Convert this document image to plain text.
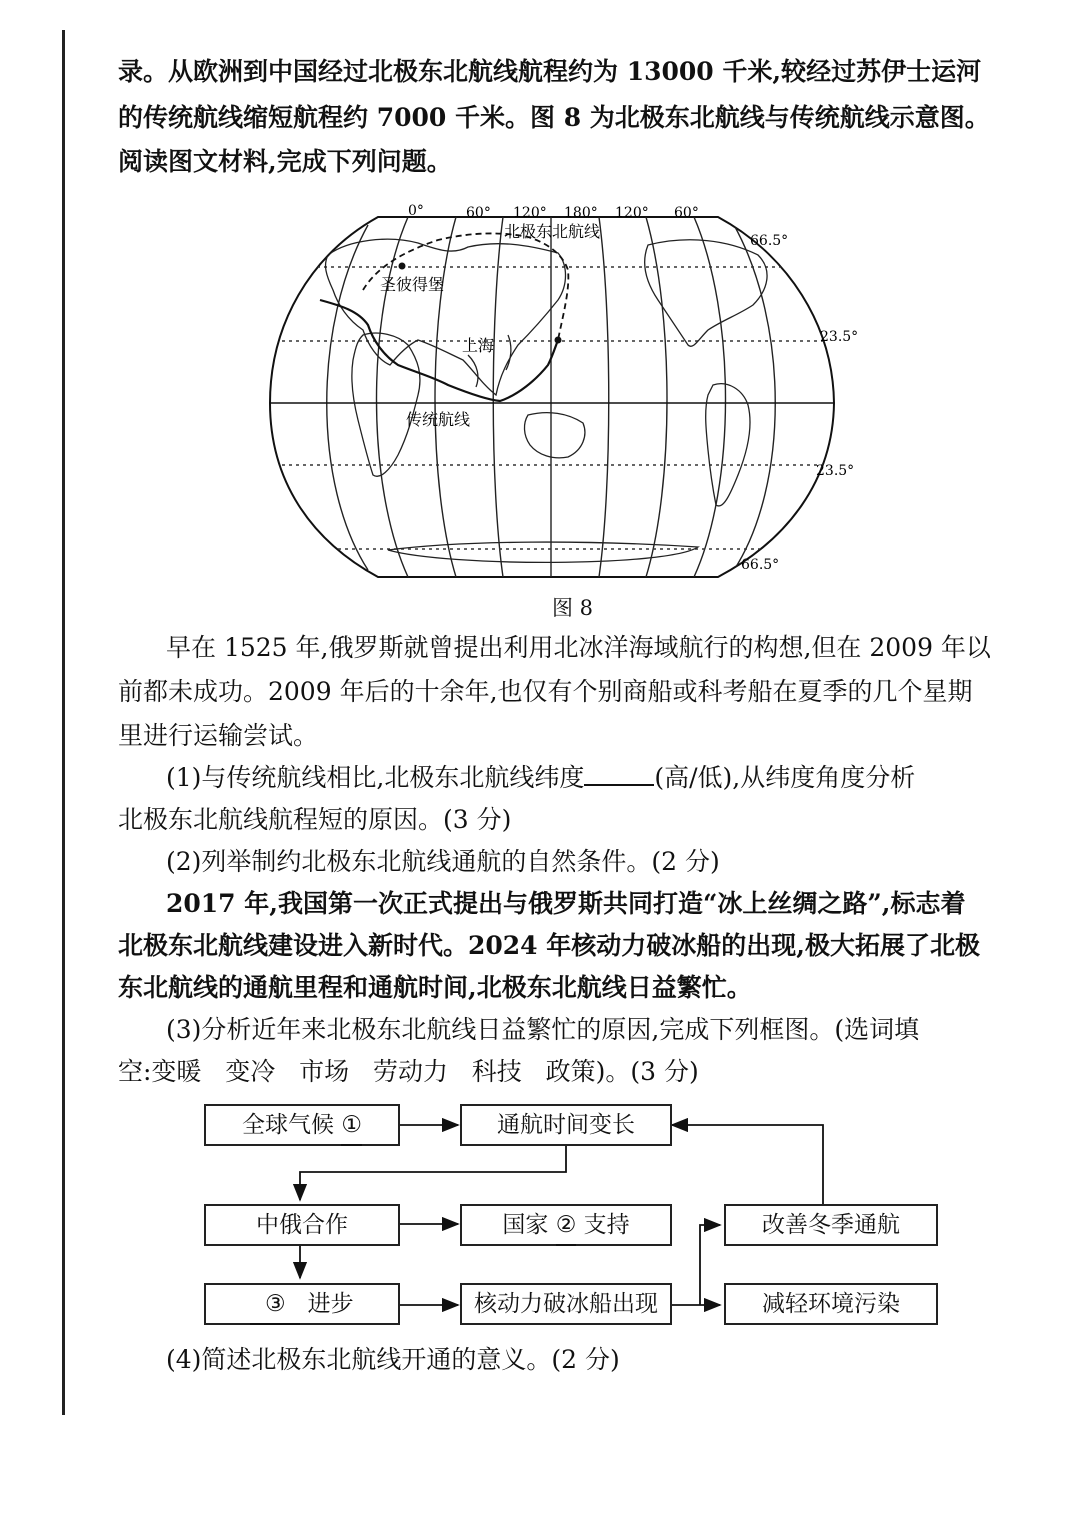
录。从欧洲到中国经过北极东北航线航程约为 13000 千米,较经过苏伊士运河
的传统航线缩短航程约 7000 千米。图 8 为北极东北航线与传统航线示意图。
阅读图文材料,完成下列问题。
0°	60° 120° 180° 120° 60°
66.5°
23.5°
23.5°
66.5°
北极东北航线
圣彼得堡
上海
传统航线
图 8
早在 1525 年,俄罗斯就曾提出利用北冰洋海域航行的构想,但在 2009 年以
前都未成功。2009 年后的十余年,也仅有个别商船或科考船在夏季的几个星期
里进行运输尝试。
(1)与传统航线相比,北极东北航线纬度	(高/低),从纬度角度分析
北极东北航线航程短的原因。(3 分)
(2)列举制约北极东北航线通航的自然条件。(2 分)
2017 年,我国第一次正式提出与俄罗斯共同打造“冰上丝绸之路”,标志着
北极东北航线建设进入新时代。2024 年核动力破冰船的出现,极大拓展了北极
东北航线的通航里程和通航时间,北极东北航线日益繁忙。
(3)分析近年来北极东北航线日益繁忙的原因,完成下列框图。(选词填
空:变暖   变冷   市场   劳动力   科技   政策)。(3 分)
全球气候 ①	通航时间变长
中俄合作	国家 ② 支持	改善冬季通航
③ 进步	核动力破冰船出现	减轻环境污染
(4)简述北极东北航线开通的意义。(2 分)
